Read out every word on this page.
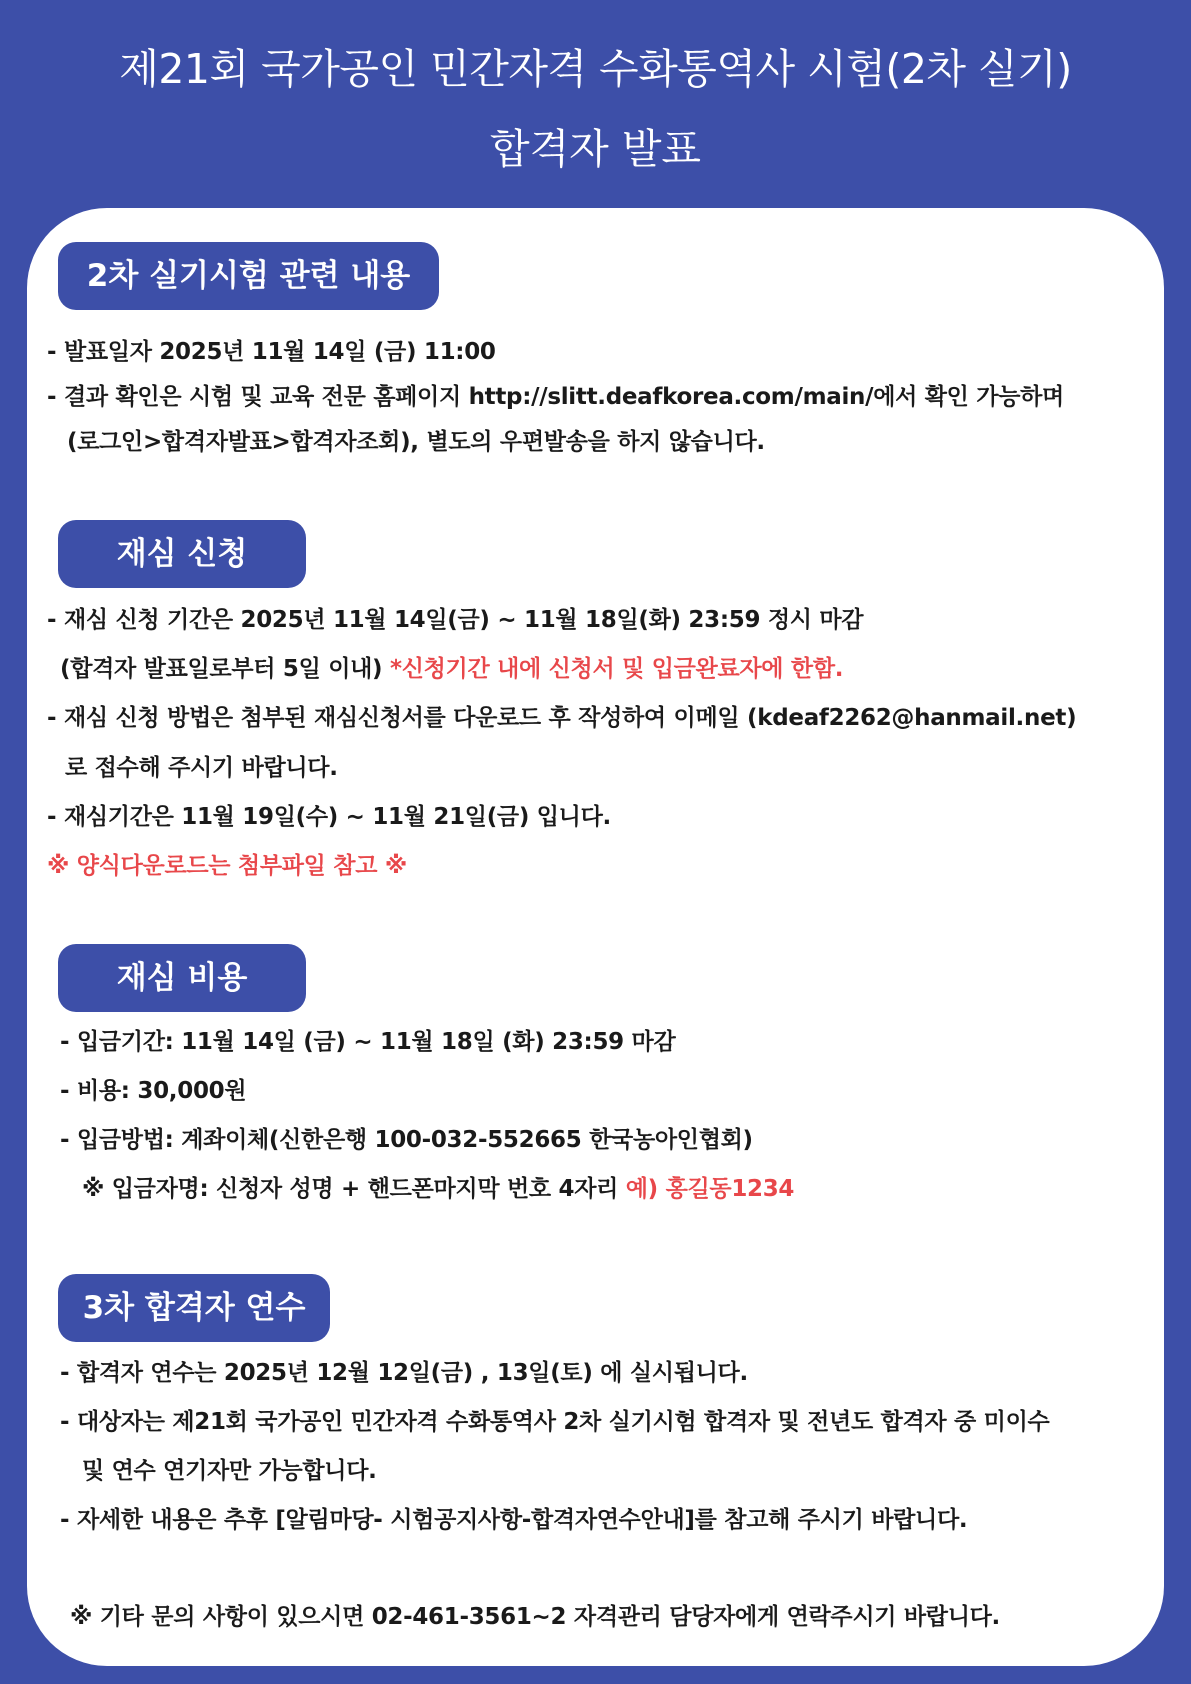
제21회 국가공인 민간자격 수화통역사 시험(2차 실기)
합격자 발표
2차 실기시험 관련 내용
- 발표일자 2025년 11월 14일 (금) 11:00
- 결과 확인은 시험 및 교육 전문 홈페이지 http://slitt.deafkorea.com/main/에서 확인 가능하며
(로그인>합격자발표>합격자조회), 별도의 우편발송을 하지 않습니다.
재심 신청
- 재심 신청 기간은 2025년 11월 14일(금) ~ 11월 18일(화) 23:59 정시 마감
(합격자 발표일로부터 5일 이내) *신청기간 내에 신청서 및 입금완료자에 한함.
- 재심 신청 방법은 첨부된 재심신청서를 다운로드 후 작성하여 이메일 (kdeaf2262@hanmail.net)
로 접수해 주시기 바랍니다.
- 재심기간은 11월 19일(수) ~ 11월 21일(금) 입니다.
※ 양식다운로드는 첨부파일 참고 ※
재심 비용
- 입금기간: 11월 14일 (금) ~ 11월 18일 (화) 23:59 마감
- 비용: 30,000원
- 입금방법: 계좌이체(신한은행 100-032-552665 한국농아인협회)
※ 입금자명: 신청자 성명 + 핸드폰마지막 번호 4자리 예) 홍길동1234
3차 합격자 연수
- 합격자 연수는 2025년 12월 12일(금) , 13일(토) 에 실시됩니다.
- 대상자는 제21회 국가공인 민간자격 수화통역사 2차 실기시험 합격자 및 전년도 합격자 중 미이수
및 연수 연기자만 가능합니다.
- 자세한 내용은 추후 [알림마당- 시험공지사항-합격자연수안내]를 참고해 주시기 바랍니다.
※ 기타 문의 사항이 있으시면 02-461-3561~2 자격관리 담당자에게 연락주시기 바랍니다.
